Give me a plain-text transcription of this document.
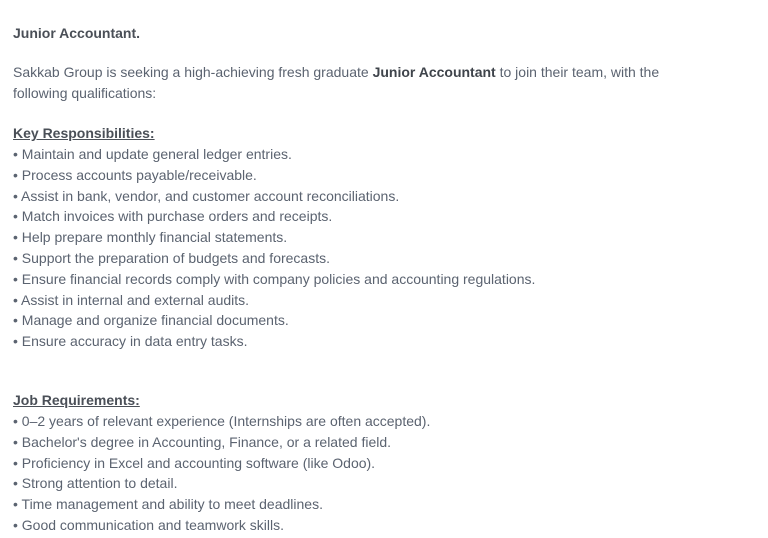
Junior Accountant.
Sakkab Group is seeking a high-achieving fresh graduate Junior Accountant to join their team, with the following qualifications:
Key Responsibilities:
• Maintain and update general ledger entries.
• Process accounts payable/receivable.
• Assist in bank, vendor, and customer account reconciliations.
• Match invoices with purchase orders and receipts.
• Help prepare monthly financial statements.
• Support the preparation of budgets and forecasts.
• Ensure financial records comply with company policies and accounting regulations.
• Assist in internal and external audits.
• Manage and organize financial documents.
• Ensure accuracy in data entry tasks.
Job Requirements:
• 0–2 years of relevant experience (Internships are often accepted).
• Bachelor's degree in Accounting, Finance, or a related field.
• Proficiency in Excel and accounting software (like Odoo).
• Strong attention to detail.
• Time management and ability to meet deadlines.
• Good communication and teamwork skills.
